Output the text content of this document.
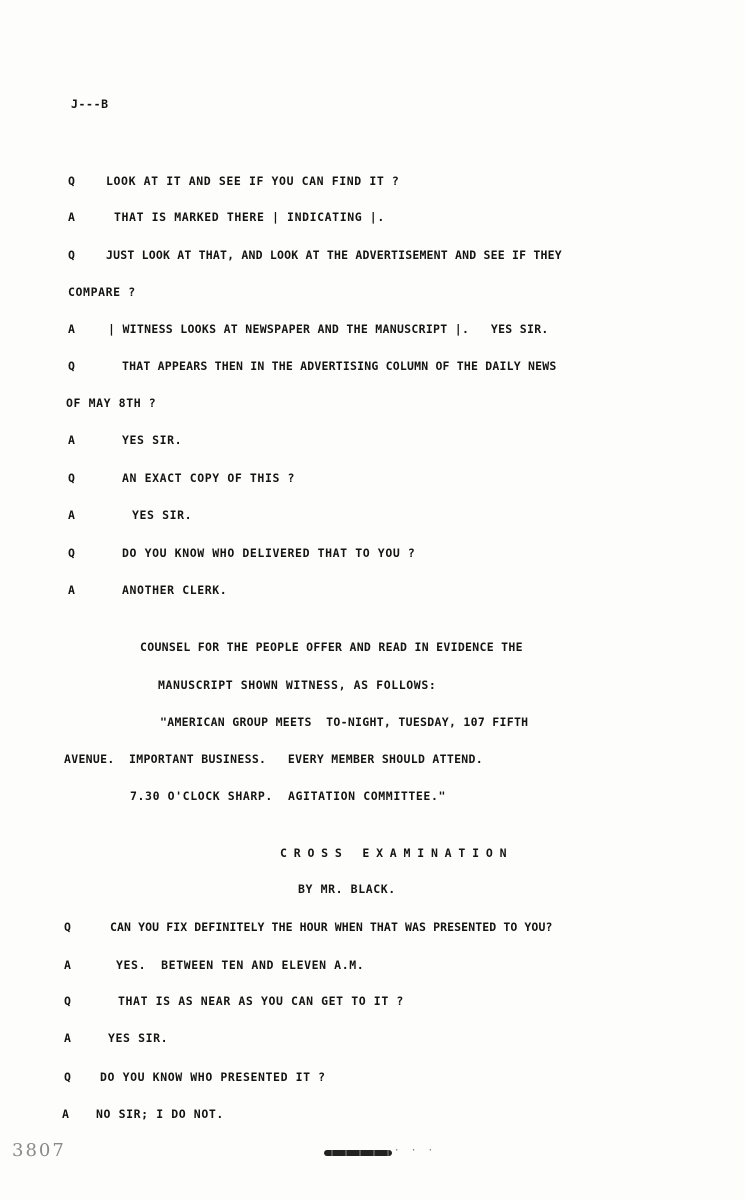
J---B
Q	LOOK AT IT AND SEE IF YOU CAN FIND IT ?
A	THAT IS MARKED THERE | INDICATING |.
Q	JUST LOOK AT THAT, AND LOOK AT THE ADVERTISEMENT AND SEE IF THEY
COMPARE ?
A	| WITNESS LOOKS AT NEWSPAPER AND THE MANUSCRIPT |.   YES SIR.
Q	THAT APPEARS THEN IN THE ADVERTISING COLUMN OF THE DAILY NEWS
OF MAY 8TH ?
A	YES SIR.
Q	AN EXACT COPY OF THIS ?
A	YES SIR.
Q	DO YOU KNOW WHO DELIVERED THAT TO YOU ?
A	ANOTHER CLERK.
COUNSEL FOR THE PEOPLE OFFER AND READ IN EVIDENCE THE
MANUSCRIPT SHOWN WITNESS, AS FOLLOWS:
"AMERICAN GROUP MEETS  TO-NIGHT, TUESDAY, 107 FIFTH
AVENUE.  IMPORTANT BUSINESS.   EVERY MEMBER SHOULD ATTEND.
7.30 O'CLOCK SHARP.  AGITATION COMMITTEE."
CROSS EXAMINATION
BY MR. BLACK.
Q	CAN YOU FIX DEFINITELY THE HOUR WHEN THAT WAS PRESENTED TO YOU?
A	YES.  BETWEEN TEN AND ELEVEN A.M.
Q	THAT IS AS NEAR AS YOU CAN GET TO IT ?
A	YES SIR.
Q	DO YOU KNOW WHO PRESENTED IT ?
A NO SIR; I DO NOT.
3807	· · ·
